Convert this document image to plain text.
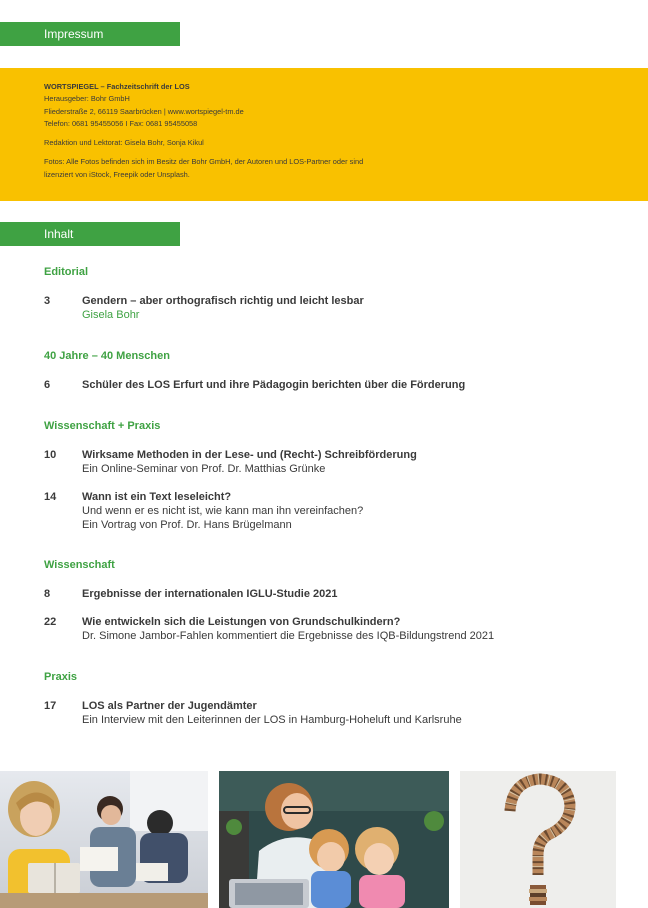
Impressum
WORTSPIEGEL – Fachzeitschrift der LOS
Herausgeber: Bohr GmbH
Fliederstraße 2, 66119 Saarbrücken | www.wortspiegel-tm.de
Telefon: 0681 95455056 I Fax: 0681 95455058
Redaktion und Lektorat: Gisela Bohr, Sonja Kikul
Fotos: Alle Fotos befinden sich im Besitz der Bohr GmbH, der Autoren und LOS-Partner oder sind
lizenziert von iStock, Freepik oder Unsplash.
Inhalt
Editorial
3	Gendern – aber orthografisch richtig und leicht lesbar
Gisela Bohr
40 Jahre – 40 Menschen
6	Schüler des LOS Erfurt und ihre Pädagogin berichten über die Förderung
Wissenschaft + Praxis
10 Wirksame Methoden in der Lese- und (Recht-) Schreibförderung
Ein Online-Seminar von Prof. Dr. Matthias Grünke
14 Wann ist ein Text leseleicht?
Und wenn er es nicht ist, wie kann man ihn vereinfachen?
Ein Vortrag von Prof. Dr. Hans Brügelmann
Wissenschaft
8	Ergebnisse der internationalen IGLU-Studie 2021
22 Wie entwickeln sich die Leistungen von Grundschulkindern?
Dr. Simone Jambor-Fahlen kommentiert die Ergebnisse des IQB-Bildungstrend 2021
Praxis
17 LOS als Partner der Jugendämter
Ein Interview mit den Leiterinnen der LOS in Hamburg-Hoheluft und Karlsruhe
